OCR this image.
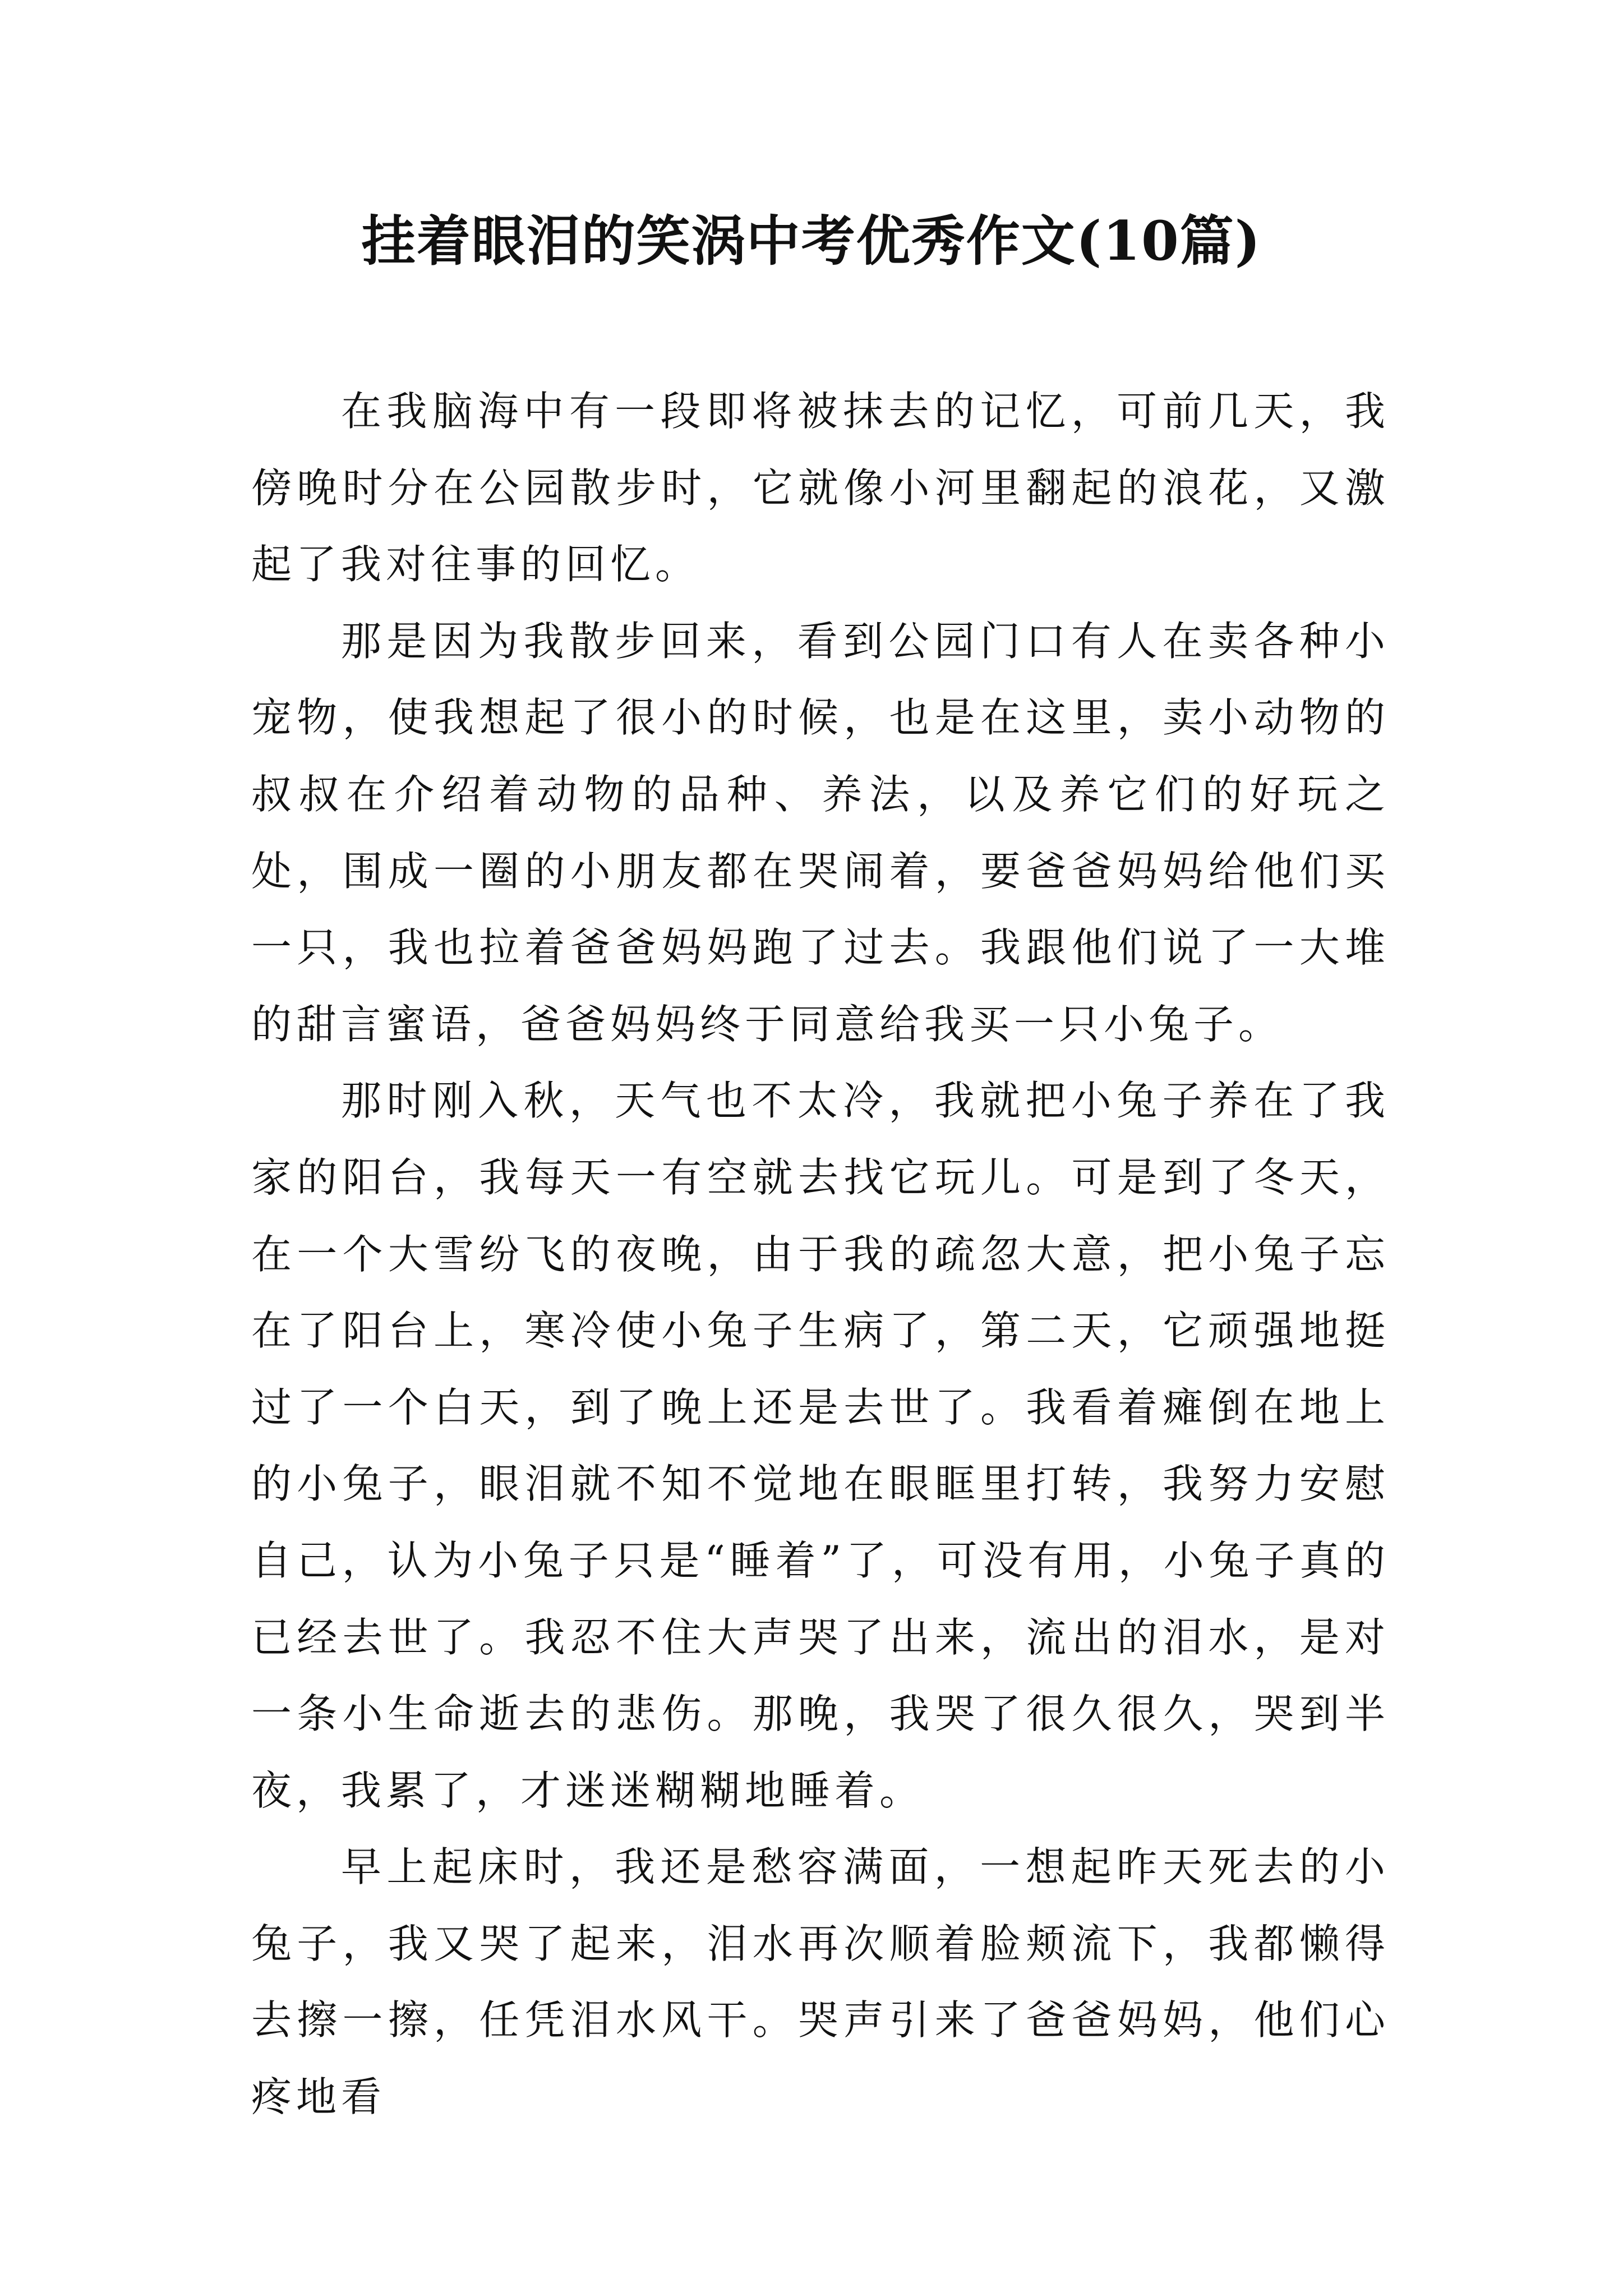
挂着眼泪的笑涡中考优秀作文(10篇)

在我脑海中有一段即将被抹去的记忆，可前几天，我傍晚时分在公园散步时，它就像小河里翻起的浪花，又激起了我对往事的回忆。

那是因为我散步回来，看到公园门口有人在卖各种小宠物，使我想起了很小的时候，也是在这里，卖小动物的叔叔在介绍着动物的品种、养法，以及养它们的好玩之处，围成一圈的小朋友都在哭闹着，要爸爸妈妈给他们买一只，我也拉着爸爸妈妈跑了过去。我跟他们说了一大堆的甜言蜜语，爸爸妈妈终于同意给我买一只小兔子。

那时刚入秋，天气也不太冷，我就把小兔子养在了我家的阳台，我每天一有空就去找它玩儿。可是到了冬天，在一个大雪纷飞的夜晚，由于我的疏忽大意，把小兔子忘在了阳台上，寒冷使小兔子生病了，第二天，它顽强地挺过了一个白天，到了晚上还是去世了。我看着瘫倒在地上的小兔子，眼泪就不知不觉地在眼眶里打转，我努力安慰自己，认为小兔子只是“睡着”了，可没有用，小兔子真的已经去世了。我忍不住大声哭了出来，流出的泪水，是对一条小生命逝去的悲伤。那晚，我哭了很久很久，哭到半夜，我累了，才迷迷糊糊地睡着。

早上起床时，我还是愁容满面，一想起昨天死去的小兔子，我又哭了起来，泪水再次顺着脸颊流下，我都懒得去擦一擦，任凭泪水风干。哭声引来了爸爸妈妈，他们心疼地看
